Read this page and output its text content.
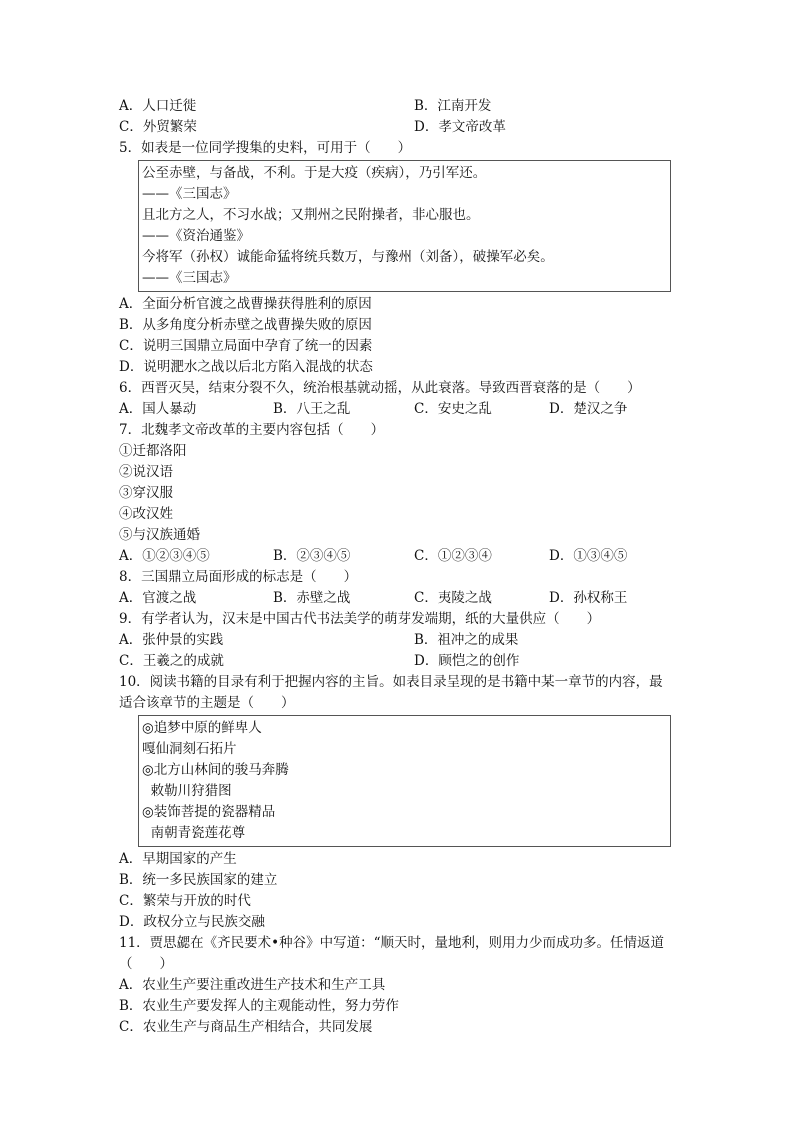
A．人口迁徙	B．江南开发
C．外贸繁荣	D．孝文帝改革
5．如表是一位同学搜集的史料，可用于（　　）
公至赤壁，与备战，不利。于是大疫（疾病），乃引军还。
——《三国志》
且北方之人，不习水战；又荆州之民附操者，非心服也。
——《资治通鉴》
今将军（孙权）诚能命猛将统兵数万，与豫州（刘备），破操军必矣。
——《三国志》
A．全面分析官渡之战曹操获得胜利的原因
B．从多角度分析赤壁之战曹操失败的原因
C．说明三国鼎立局面中孕育了统一的因素
D．说明淝水之战以后北方陷入混战的状态
6．西晋灭吴，结束分裂不久，统治根基就动摇，从此衰落。导致西晋衰落的是（　　）
A．国人暴动	B．八王之乱	C．安史之乱	D．楚汉之争
7．北魏孝文帝改革的主要内容包括（　　）
①迁都洛阳
②说汉语
③穿汉服
④改汉姓
⑤与汉族通婚
A．①②③④⑤	B．②③④⑤	C．①②③④	D．①③④⑤
8．三国鼎立局面形成的标志是（　　）
A．官渡之战	B．赤壁之战	C．夷陵之战	D．孙权称王
9．有学者认为，汉末是中国古代书法美学的萌芽发端期，纸的大量供应（　　）
A．张仲景的实践	B．祖冲之的成果
C．王羲之的成就	D．顾恺之的创作
10．阅读书籍的目录有利于把握内容的主旨。如表目录呈现的是书籍中某一章节的内容，最
适合该章节的主题是（　　）
◎追梦中原的鲜卑人
嘎仙洞刻石拓片
◎北方山林间的骏马奔腾
敕勒川狩猎图
◎装饰菩提的瓷器精品
南朝青瓷莲花尊
A．早期国家的产生
B．统一多民族国家的建立
C．繁荣与开放的时代
D．政权分立与民族交融
11．贾思勰在《齐民要术•种谷》中写道：“顺天时，量地利，则用力少而成功多。任情返道
（　　）
A．农业生产要注重改进生产技术和生产工具
B．农业生产要发挥人的主观能动性，努力劳作
C．农业生产与商品生产相结合，共同发展
